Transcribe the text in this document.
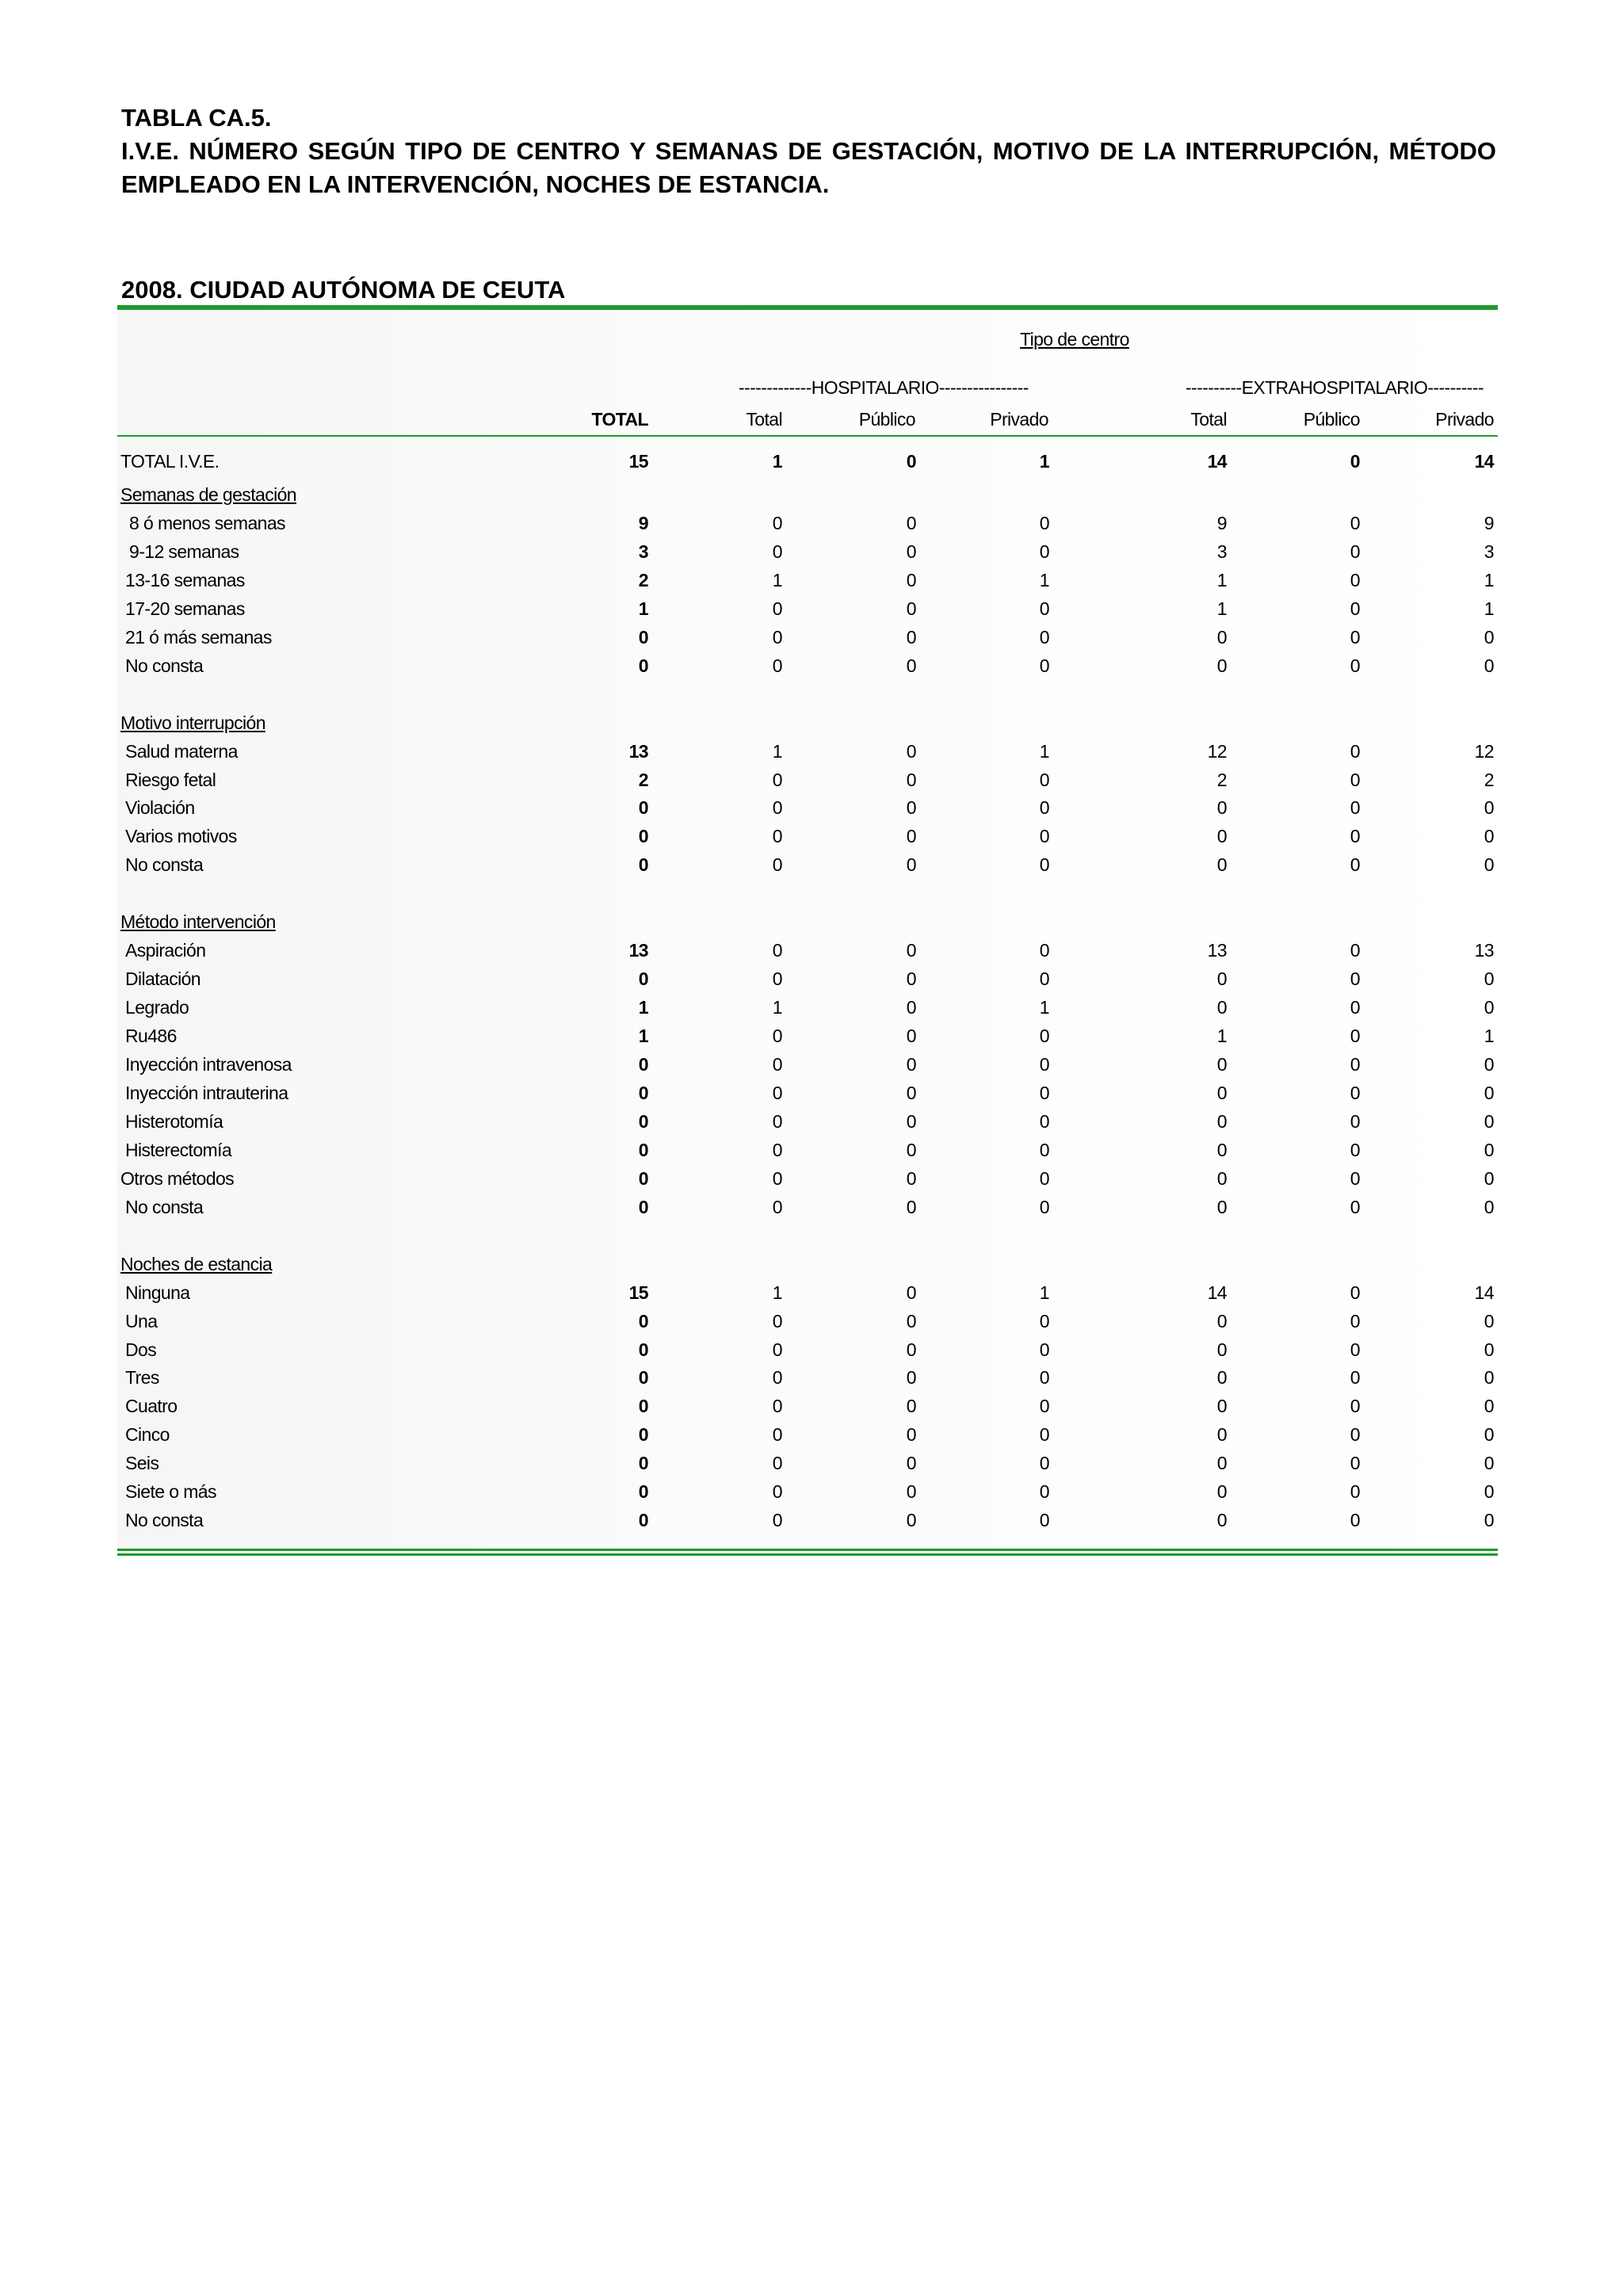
TABLA CA.5.
I.V.E. NÚMERO SEGÚN TIPO DE CENTRO Y SEMANAS DE GESTACIÓN, MOTIVO DE LA INTERRUPCIÓN, MÉTODO EMPLEADO EN LA INTERVENCIÓN, NOCHES DE ESTANCIA.
2008. CIUDAD AUTÓNOMA DE CEUTA
Tipo de centro
-------------HOSPITALARIO----------------	----------EXTRAHOSPITALARIO----------
TOTAL	Total	Público	Privado	Total	Público	Privado
TOTAL I.V.E.	15	1	0	1	14	0	14
Semanas de gestación
8 ó menos semanas	9	0	0	0	9	0	9
9-12 semanas	3	0	0	0	3	0	3
13-16 semanas	2	1	0	1	1	0	1
17-20 semanas	1	0	0	0	1	0	1
21 ó más semanas	0	0	0	0	0	0	0
No consta	0	0	0	0	0	0	0
Motivo interrupción
Salud materna	13	1	0	1	12	0	12
Riesgo fetal	2	0	0	0	2	0	2
Violación	0	0	0	0	0	0	0
Varios motivos	0	0	0	0	0	0	0
No consta	0	0	0	0	0	0	0
Método intervención
Aspiración	13	0	0	0	13	0	13
Dilatación	0	0	0	0	0	0	0
Legrado	1	1	0	1	0	0	0
Ru486	1	0	0	0	1	0	1
Inyección intravenosa	0	0	0	0	0	0	0
Inyección intrauterina	0	0	0	0	0	0	0
Histerotomía	0	0	0	0	0	0	0
Histerectomía	0	0	0	0	0	0	0
Otros métodos	0	0	0	0	0	0	0
No consta	0	0	0	0	0	0	0
Noches de estancia
Ninguna	15	1	0	1	14	0	14
Una	0	0	0	0	0	0	0
Dos	0	0	0	0	0	0	0
Tres	0	0	0	0	0	0	0
Cuatro	0	0	0	0	0	0	0
Cinco	0	0	0	0	0	0	0
Seis	0	0	0	0	0	0	0
Siete o más	0	0	0	0	0	0	0
No consta	0	0	0	0	0	0	0
